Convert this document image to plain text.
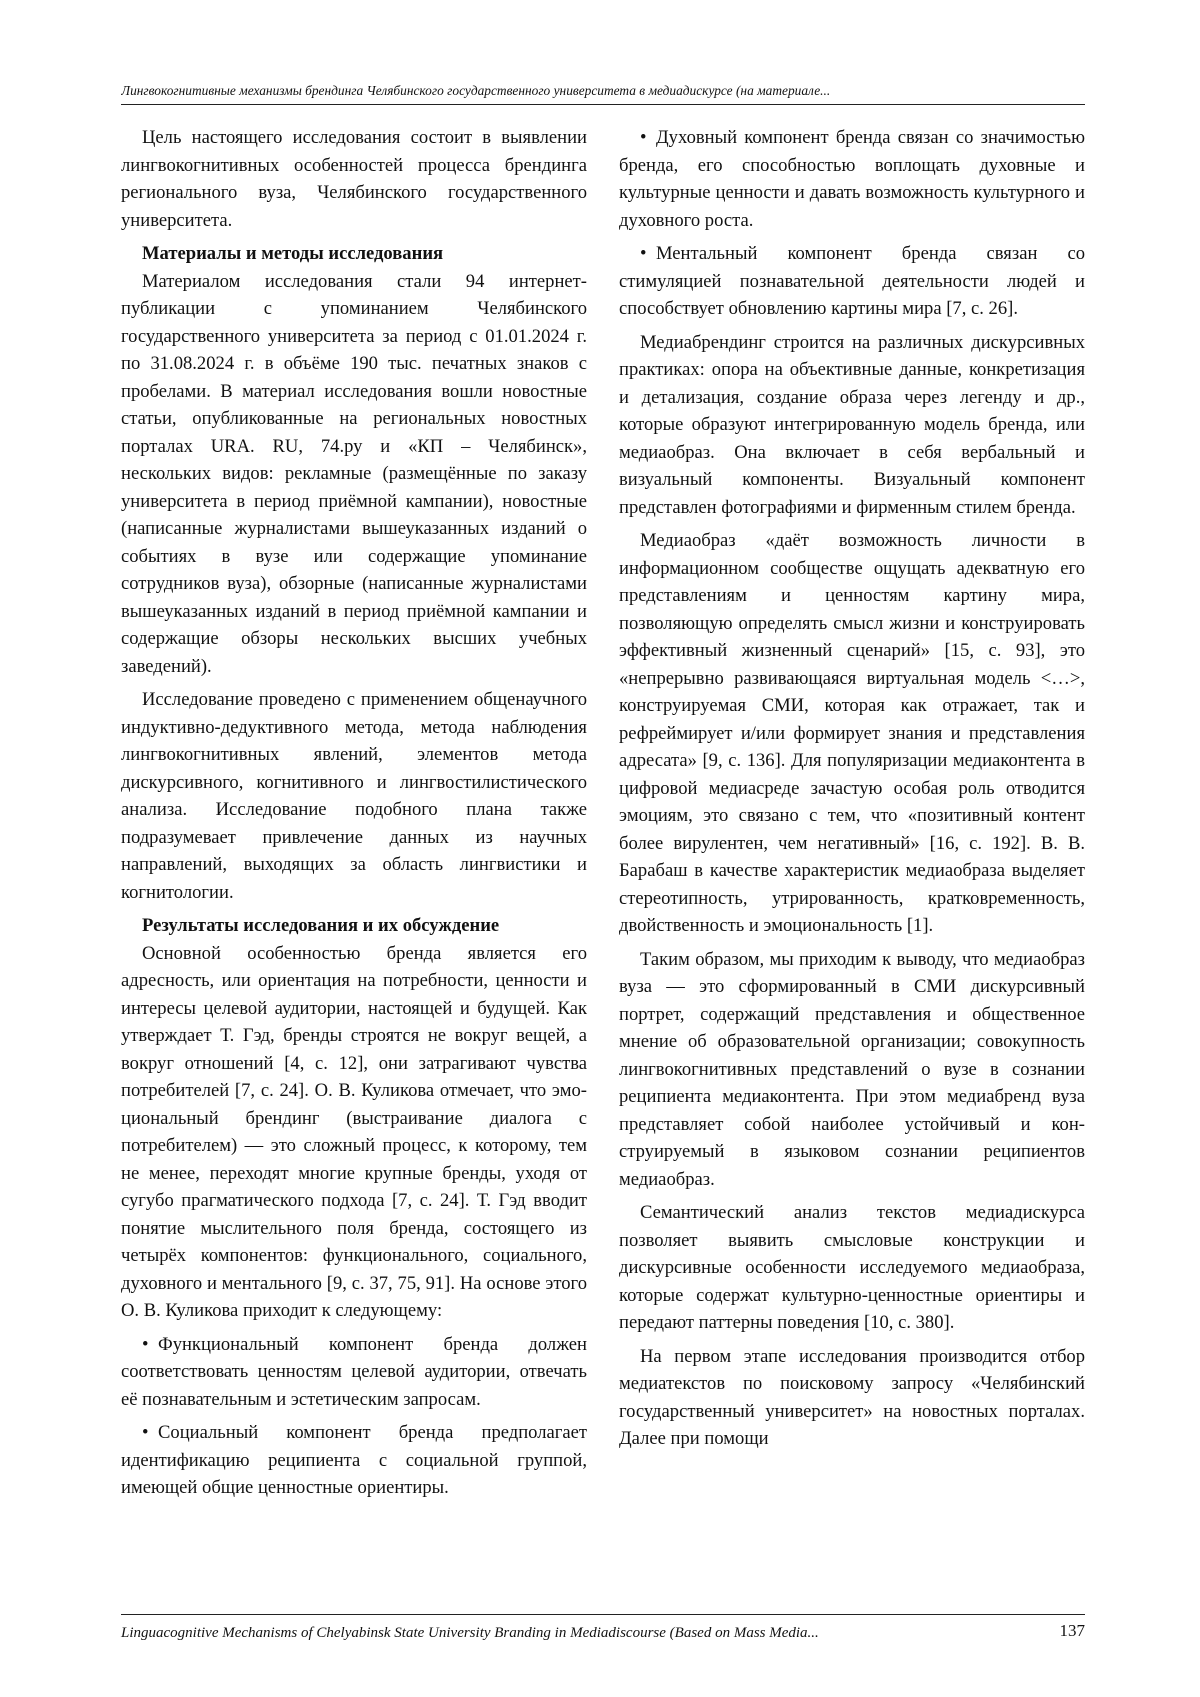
Лингвокогнитивные механизмы брендинга Челябинского государственного университета в медиадискурсе (на материале...

Цель настоящего исследования состоит в выявлении лингвокогнитивных особенностей процесса брендинга регионального вуза, Челябинского государственного университета.

Материалы и методы исследования

Материалом исследования стали 94 интернет-публикации с упоминанием Челябинского государственного университета за период с 01.01.2024 г. по 31.08.2024 г. в объёме 190 тыс. печатных знаков с пробелами. В материал исследования вошли новостные статьи, опубликованные на региональных новостных порталах URA. RU, 74.ру и «КП – Челябинск», нескольких видов: рекламные (размещённые по заказу университета в период приёмной кампании), новостные (написанные журналистами вышеуказанных изданий о событиях в вузе или содержащие упоминание сотрудников вуза), обзорные (написанные журналистами вышеуказанных изданий в период приёмной кампании и содержащие обзоры нескольких высших учебных заведений).

Исследование проведено с применением общенаучного индуктивно-дедуктивного метода, метода наблюдения лингвокогнитивных явлений, элементов метода дискурсивного, когнитивного и лингвостилистического анализа. Исследование подобного плана также подразумевает привлечение данных из научных направлений, выходящих за область лингвистики и когнитологии.

Результаты исследования и их обсуждение

Основной особенностью бренда является его адресность, или ориентация на потребности, ценности и интересы целевой аудитории, настоящей и будущей. Как утверждает Т. Гэд, бренды строятся не вокруг вещей, а вокруг отношений [4, с. 12], они затрагивают чувства потребителей [7, с. 24]. О. В. Куликова отмечает, что эмоциональный брендинг (выстраивание диалога с потребителем) — это сложный процесс, к которому, тем не менее, переходят многие крупные бренды, уходя от сугубо прагматического подхода [7, с. 24]. Т. Гэд вводит понятие мыслительного поля бренда, состоящего из четырёх компонентов: функционального, социального, духовного и ментального [9, с. 37, 75, 91]. На основе этого О. В. Куликова приходит к следующему:

• Функциональный компонент бренда должен соответствовать ценностям целевой аудитории, отвечать её познавательным и эстетическим запросам.

• Социальный компонент бренда предполагает идентификацию реципиента с социальной группой, имеющей общие ценностные ориентиры.

• Духовный компонент бренда связан со значимостью бренда, его способностью воплощать духовные и культурные ценности и давать возможность культурного и духовного роста.

• Ментальный компонент бренда связан со стимуляцией познавательной деятельности людей и способствует обновлению картины мира [7, с. 26].

Медиабрендинг строится на различных дискурсивных практиках: опора на объективные данные, конкретизация и детализация, создание образа через легенду и др., которые образуют интегрированную модель бренда, или медиаобраз. Она включает в себя вербальный и визуальный компоненты. Визуальный компонент представлен фотографиями и фирменным стилем бренда.

Медиаобраз «даёт возможность личности в информационном сообществе ощущать адекватную его представлениям и ценностям картину мира, позволяющую определять смысл жизни и конструировать эффективный жизненный сценарий» [15, с. 93], это «непрерывно развивающаяся виртуальная модель <…>, конструируемая СМИ, которая как отражает, так и рефреймирует и/или формирует знания и представления адресата» [9, с. 136]. Для популяризации медиаконтента в цифровой медиасреде зачастую особая роль отводится эмоциям, это связано с тем, что «позитивный контент более вирулентен, чем негативный» [16, с. 192]. В. В. Барабаш в качестве характеристик медиаобраза выделяет стереотипность, утрированность, кратковременность, двойственность и эмоциональность [1].

Таким образом, мы приходим к выводу, что медиаобраз вуза — это сформированный в СМИ дискурсивный портрет, содержащий представления и общественное мнение об образовательной организации; совокупность лингвокогнитивных представлений о вузе в сознании реципиента медиаконтента. При этом медиабренд вуза представляет собой наиболее устойчивый и конструируемый в языковом сознании реципиентов медиаобраз.

Семантический анализ текстов медиадискурса позволяет выявить смысловые конструкции и дискурсивные особенности исследуемого медиаобраза, которые содержат культурно-ценностные ориентиры и передают паттерны поведения [10, с. 380].

На первом этапе исследования производится отбор медиатекстов по поисковому запросу «Челябинский государственный университет» на новостных порталах. Далее при помощи

Linguacognitive Mechanisms of Chelyabinsk State University Branding in Mediadiscourse (Based on Mass Media...	137
